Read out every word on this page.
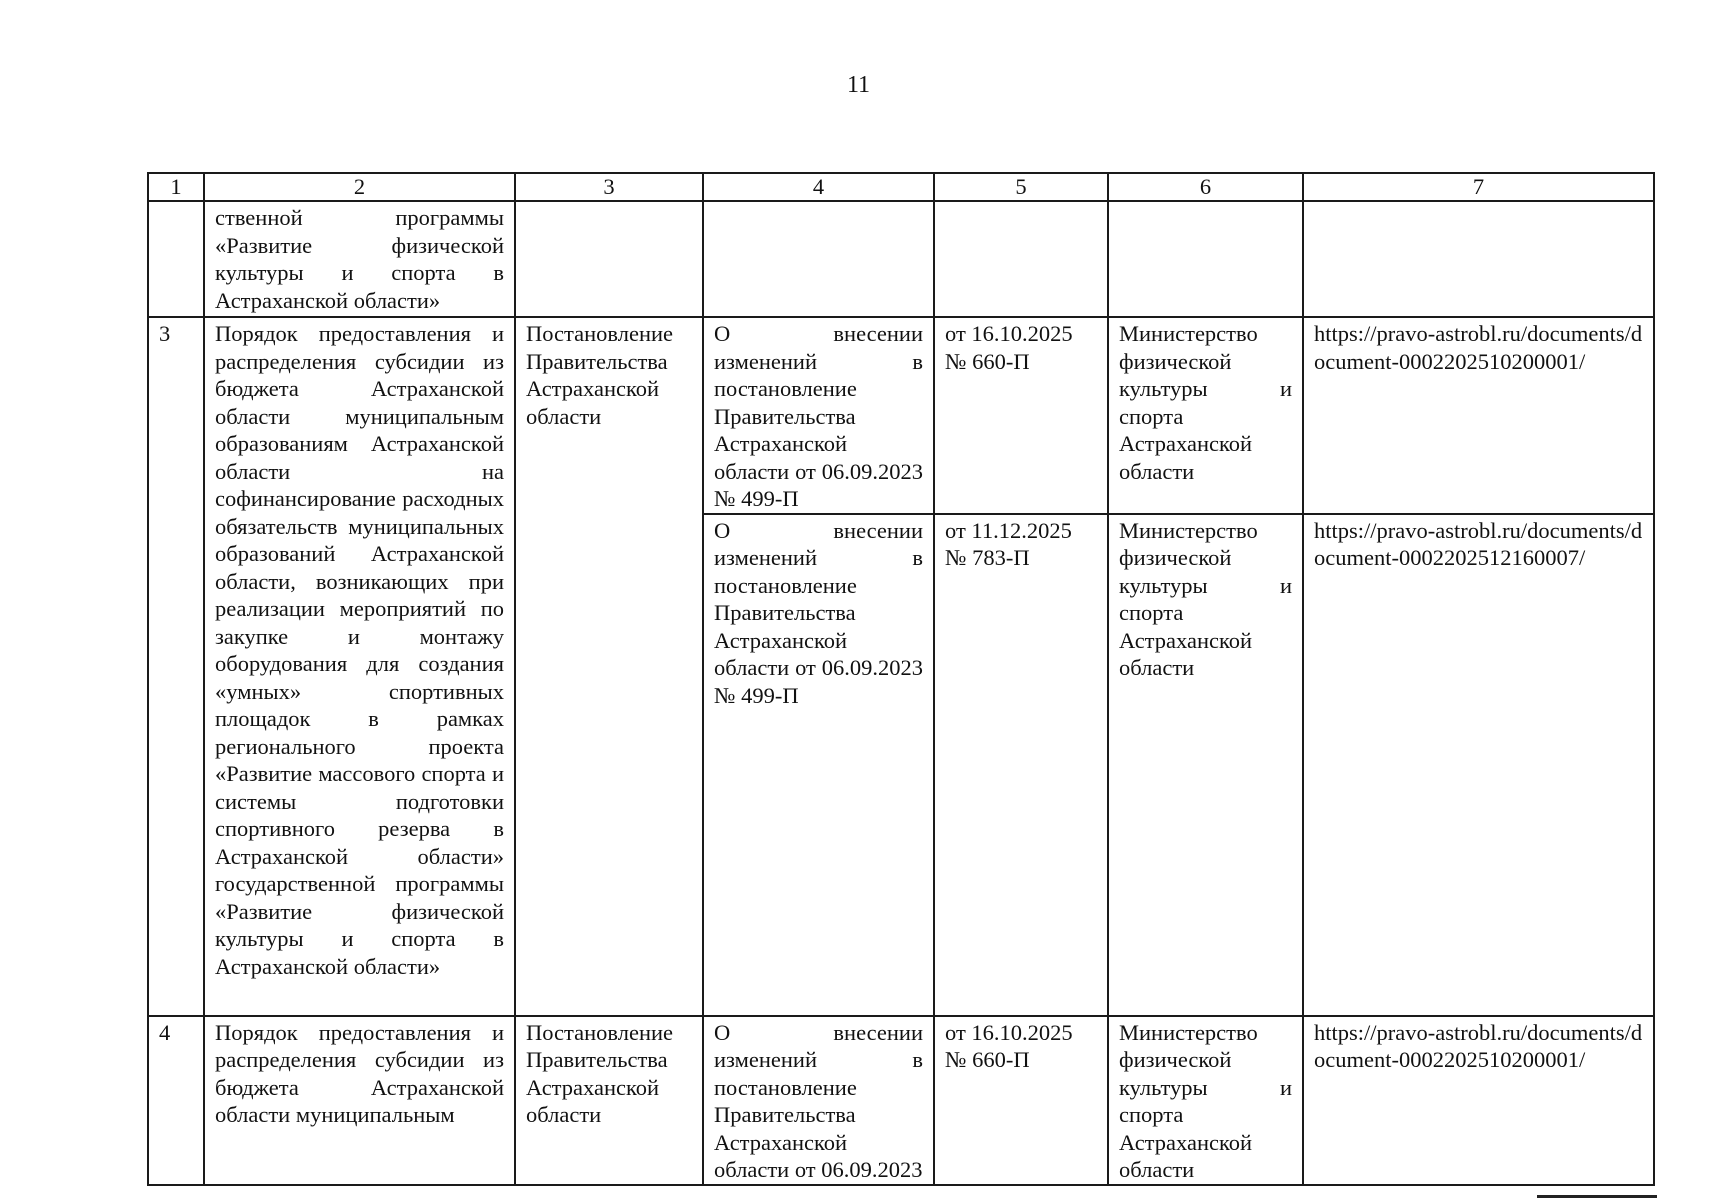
11
1	2	3	4	5	6	7
	ственной программы «Развитие физической культуры и спорта в Астраханской области»					
3	Порядок предоставления и распределения субсидии из бюджета Астраханской области муниципальным образованиям Астраханской области на софинансирование расходных обязательств муниципальных образований Астраханской области, возникающих при реализации мероприятий по закупке и монтажу оборудования для создания «умных» спортивных площадок в рамках регионального проекта «Развитие массового спорта и системы подготовки спортивного резерва в Астраханской области» государственной программы «Развитие физической культуры и спорта в Астраханской области»	Постановление Правительства Астраханской области	О внесении изменений в постановление Правительства Астраханской области от 06.09.2023 № 499-П	от 16.10.2025 № 660-П	Министерство физической культуры и спорта Астраханской области	https://pravo-astrobl.ru/documents/document-0002202510200001/
			О внесении изменений в постановление Правительства Астраханской области от 06.09.2023 № 499-П	от 11.12.2025 № 783-П	Министерство физической культуры и спорта Астраханской области	https://pravo-astrobl.ru/documents/document-0002202512160007/
4	Порядок предоставления и распределения субсидии из бюджета Астраханской области муниципальным	Постановление Правительства Астраханской области	О внесении изменений в постановление Правительства Астраханской области от 06.09.2023	от 16.10.2025 № 660-П	Министерство физической культуры и спорта Астраханской области	https://pravo-astrobl.ru/documents/document-0002202510200001/
